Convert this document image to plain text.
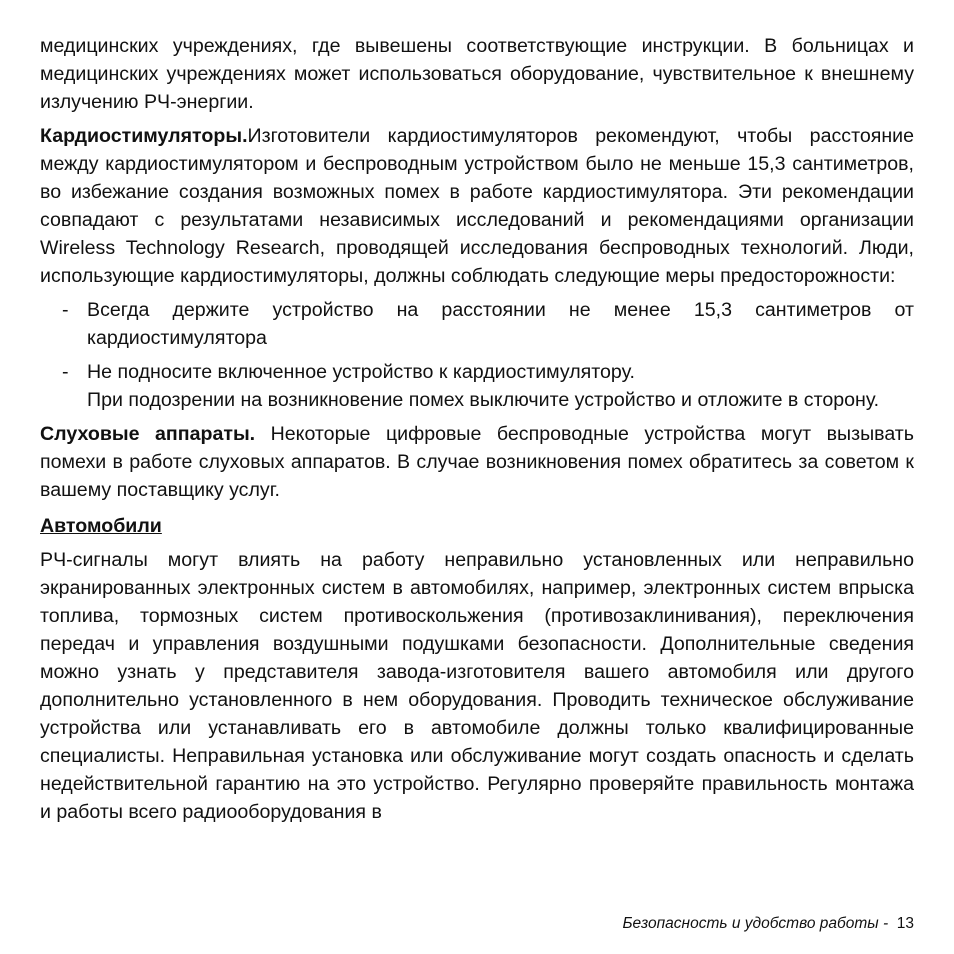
медицинских учреждениях, где вывешены соответствующие инструкции. В больницах и медицинских учреждениях может использоваться оборудование, чувствительное к внешнему излучению РЧ-энергии.

Кардиостимуляторы.Изготовители кардиостимуляторов рекомендуют, чтобы расстояние между кардиостимулятором и беспроводным устройством было не меньше 15,3 сантиметров, во избежание создания возможных помех в работе кардиостимулятора. Эти рекомендации совпадают с результатами независимых исследований и рекомендациями организации Wireless Technology Research, проводящей исследования беспроводных технологий. Люди, использующие кардиостимуляторы, должны соблюдать следующие меры предосторожности:

- Всегда держите устройство на расстоянии не менее 15,3 сантиметров от кардиостимулятора
- Не подносите включенное устройство к кардиостимулятору.
При подозрении на возникновение помех выключите устройство и отложите в сторону.

Слуховые аппараты. Некоторые цифровые беспроводные устройства могут вызывать помехи в работе слуховых аппаратов. В случае возникновения помех обратитесь за советом к вашему поставщику услуг.

Автомобили

РЧ-сигналы могут влиять на работу неправильно установленных или неправильно экранированных электронных систем в автомобилях, например, электронных систем впрыска топлива, тормозных систем противоскольжения (противозаклинивания), переключения передач и управления воздушными подушками безопасности. Дополнительные сведения можно узнать у представителя завода-изготовителя вашего автомобиля или другого дополнительно установленного в нем оборудования. Проводить техническое обслуживание устройства или устанавливать его в автомобиле должны только квалифицированные специалисты. Неправильная установка или обслуживание могут создать опасность и сделать недействительной гарантию на это устройство. Регулярно проверяйте правильность монтажа и работы всего радиооборудования в

Безопасность и удобство работы - 13
